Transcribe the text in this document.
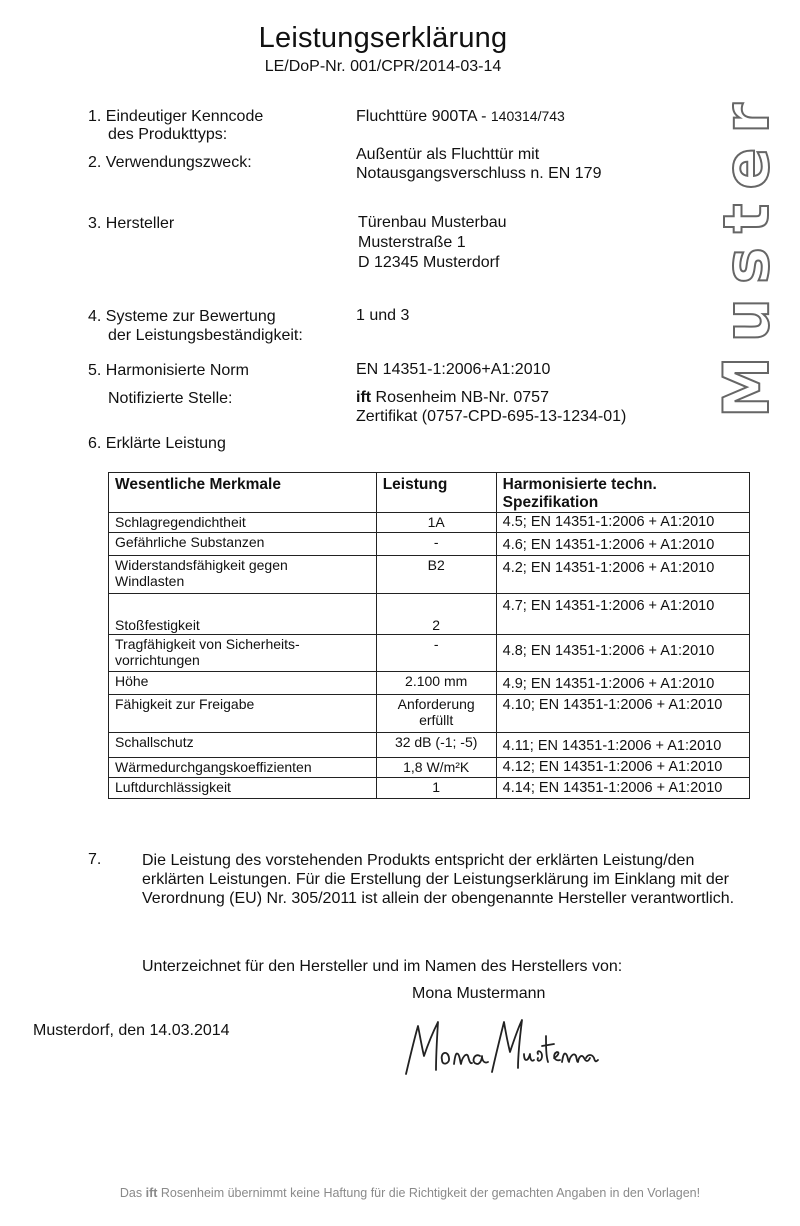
Leistungserklärung
LE/DoP-Nr. 001/CPR/2014-03-14
Muster
1. Eindeutiger Kenncode
des Produkttyps:
Fluchttüre 900TA - 140314/743
2. Verwendungszweck:	Außentür als Fluchttür mit
Notausgangsverschluss n. EN 179
3. Hersteller	Türenbau Musterbau
Musterstraße 1
D 12345 Musterdorf
4. Systeme zur Bewertung
der Leistungsbeständigkeit:
1 und 3
5. Harmonisierte Norm	EN 14351-1:2006+A1:2010
Notifizierte Stelle:	ift Rosenheim NB-Nr. 0757
Zertifikat (0757-CPD-695-13-1234-01)
6. Erklärte Leistung
Wesentliche Merkmale	Leistung	Harmonisierte techn. Spezifikation
Schlagregendichtheit	1A	4.5; EN 14351-1:2006 + A1:2010
Gefährliche Substanzen	-	4.6; EN 14351-1:2006 + A1:2010
Widerstandsfähigkeit gegen Windlasten	B2	4.2; EN 14351-1:2006 + A1:2010
Stoßfestigkeit	2	4.7; EN 14351-1:2006 + A1:2010
Tragfähigkeit von Sicherheits-vorrichtungen	-	4.8; EN 14351-1:2006 + A1:2010
Höhe	2.100 mm	4.9; EN 14351-1:2006 + A1:2010
Fähigkeit zur Freigabe	Anforderung erfüllt	4.10; EN 14351-1:2006 + A1:2010
Schallschutz	32 dB (-1; -5)	4.11; EN 14351-1:2006 + A1:2010
Wärmedurchgangskoeffizienten	1,8 W/m²K	4.12; EN 14351-1:2006 + A1:2010
Luftdurchlässigkeit	1	4.14; EN 14351-1:2006 + A1:2010
7.	Die Leistung des vorstehenden Produkts entspricht der erklärten Leistung/den erklärten Leistungen. Für die Erstellung der Leistungserklärung im Einklang mit der Verordnung (EU) Nr. 305/2011 ist allein der obengenannte Hersteller verantwortlich.
Unterzeichnet für den Hersteller und im Namen des Herstellers von:
Mona Mustermann
Musterdorf, den 14.03.2014
Das ift Rosenheim übernimmt keine Haftung für die Richtigkeit der gemachten Angaben in den Vorlagen!
